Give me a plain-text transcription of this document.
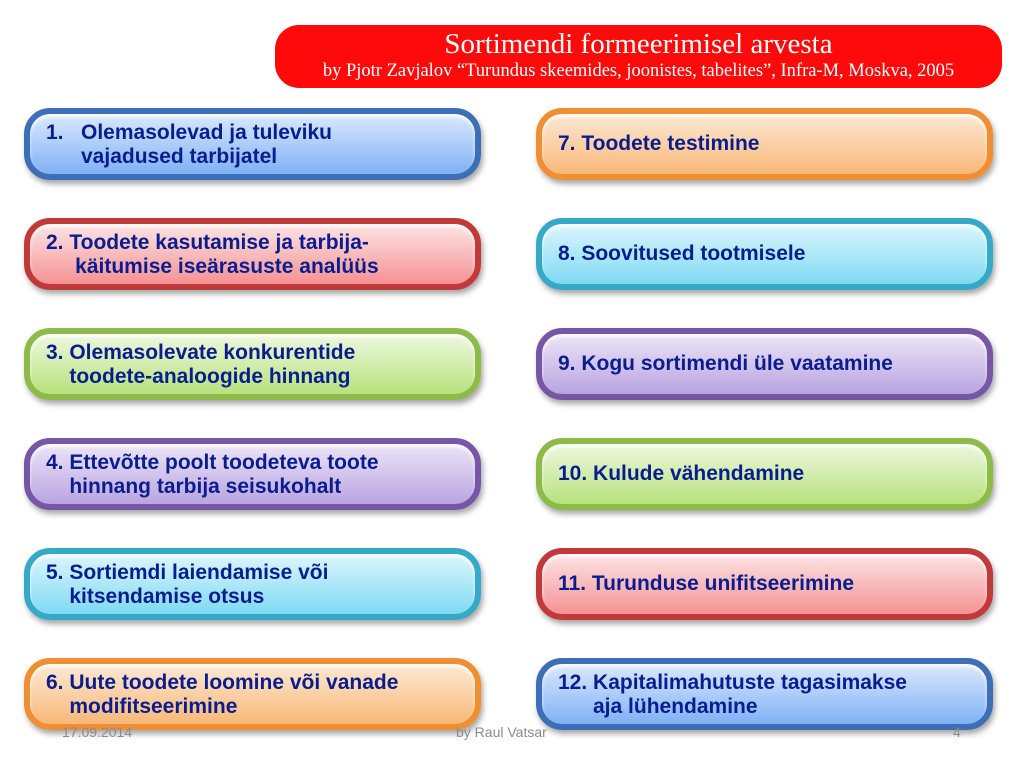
Sortimendi formeerimisel arvesta
by Pjotr Zavjalov “Turundus skeemides, joonistes, tabelites”, Infra-M, Moskva, 2005
1.   Olemasolevad ja tuleviku
vajadused tarbijatel
2. Toodete kasutamise ja tarbija-
käitumise iseärasuste analüüs
3. Olemasolevate konkurentide
toodete-analoogide hinnang
4. Ettevõtte poolt toodeteva toote
hinnang tarbija seisukohalt
5. Sortiemdi laiendamise või
kitsendamise otsus
6. Uute toodete loomine või vanade
modifitseerimine
7. Toodete testimine
8. Soovitused tootmisele
9. Kogu sortimendi üle vaatamine
10. Kulude vähendamine
11. Turunduse unifitseerimine
12. Kapitalimahutuste tagasimakse
aja lühendamine
17.09.2014	by Raul Vatsar	4
